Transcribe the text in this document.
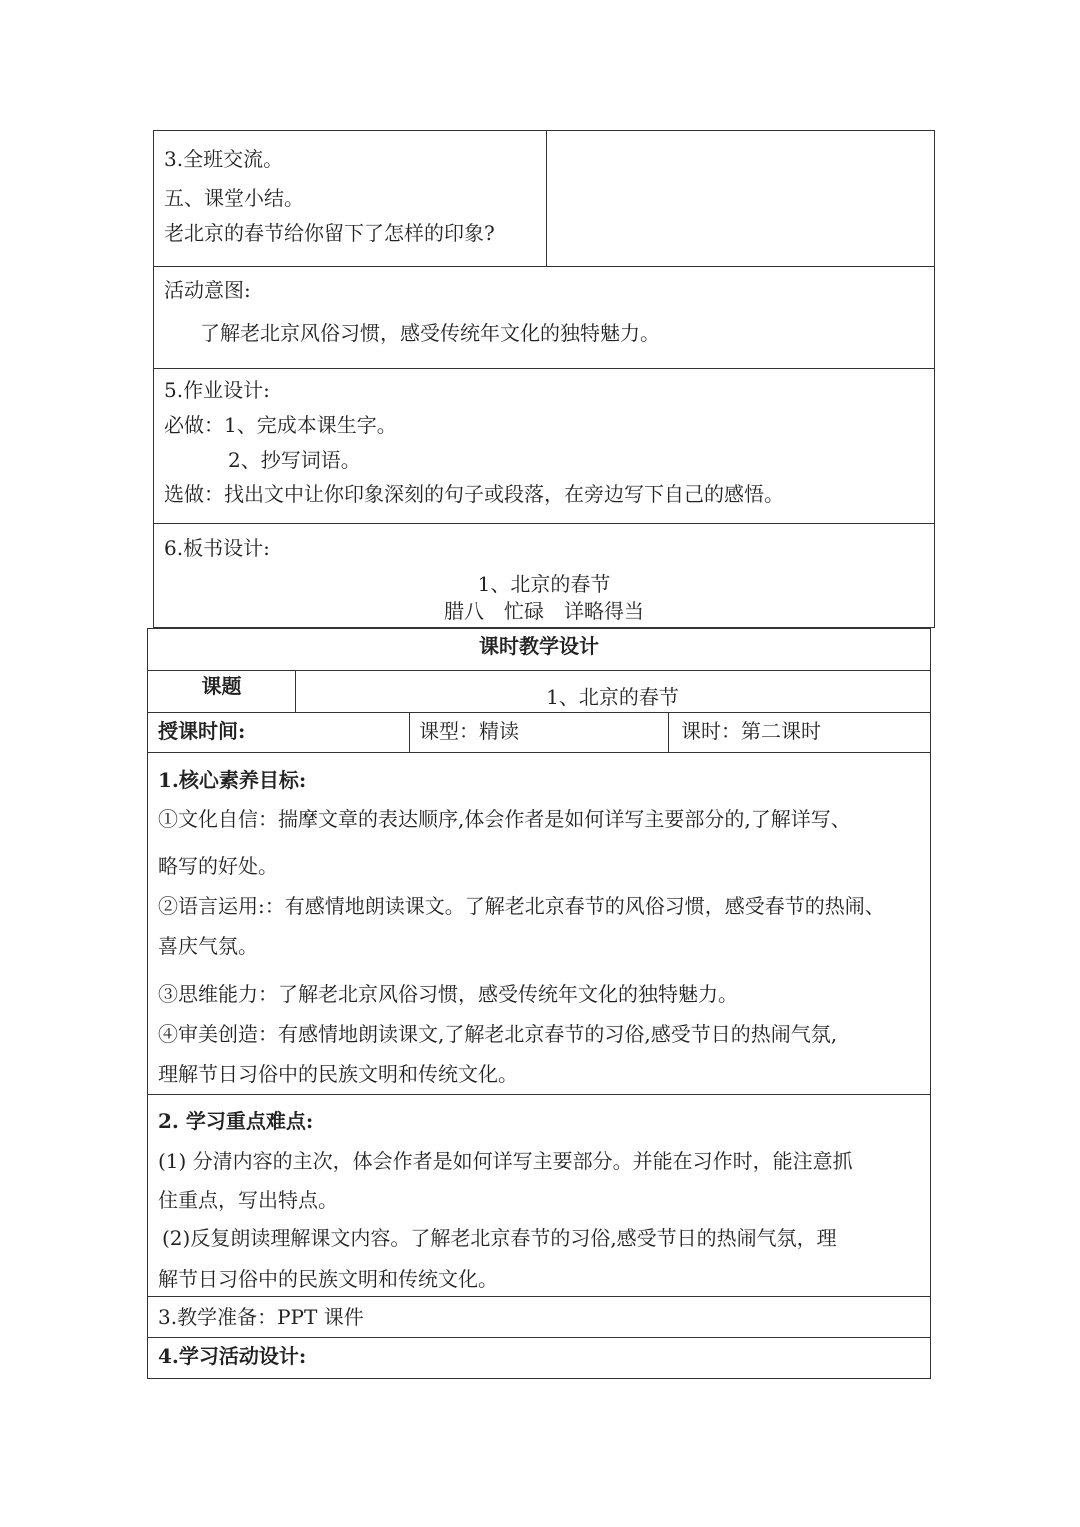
3.全班交流。
五、课堂小结。
老北京的春节给你留下了怎样的印象?
活动意图:
了解老北京风俗习惯，感受传统年文化的独特魅力。
5.作业设计:
必做：1、完成本课生字。
2、抄写词语。
选做：找出文中让你印象深刻的句子或段落，在旁边写下自己的感悟。
6.板书设计:
1、北京的春节
腊八　忙碌　详略得当
课时教学设计
课题	1、北京的春节
授课时间:	课型：精读	课时：第二课时
1.核心素养目标:
①文化自信：揣摩文章的表达顺序,体会作者是如何详写主要部分的,了解详写、
略写的好处。
②语言运用:：有感情地朗读课文。了解老北京春节的风俗习惯，感受春节的热闹、
喜庆气氛。
③思维能力：了解老北京风俗习惯，感受传统年文化的独特魅力。
④审美创造：有感情地朗读课文,了解老北京春节的习俗,感受节日的热闹气氛,
理解节日习俗中的民族文明和传统文化。
2. 学习重点难点:
(1) 分清内容的主次，体会作者是如何详写主要部分。并能在习作时，能注意抓
住重点，写出特点。
(2)反复朗读理解课文内容。了解老北京春节的习俗,感受节日的热闹气氛，理
解节日习俗中的民族文明和传统文化。
3.教学准备：PPT 课件
4.学习活动设计:
